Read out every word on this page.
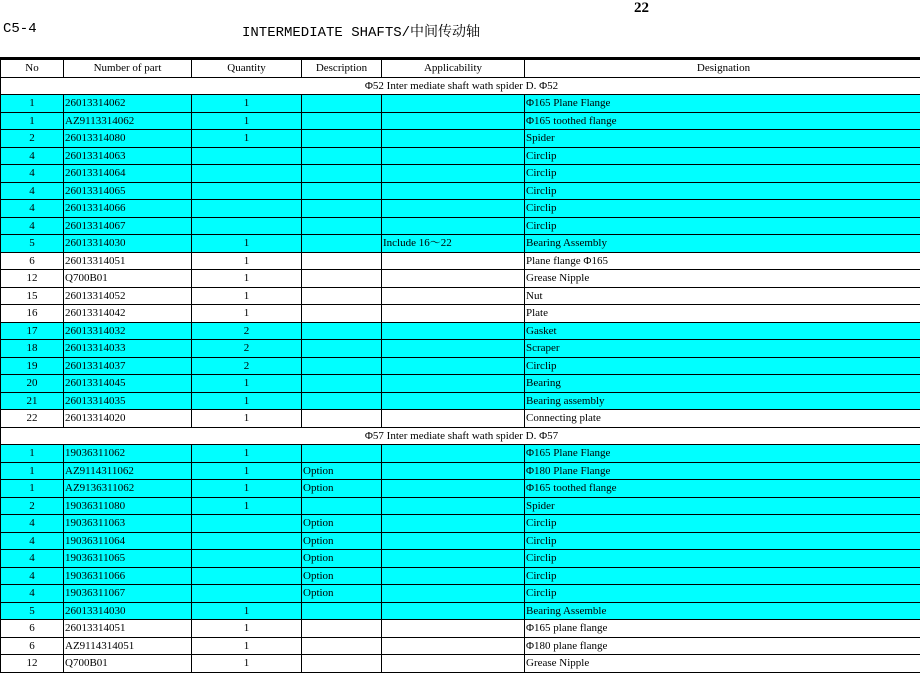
22
C5-4	INTERMEDIATE SHAFTS/中间传动轴
No	Number of part	Quantity	Description	Applicability	Designation
Φ52 Inter mediate shaft wath spider D. Φ52					
1	26013314062	1			Φ165 Plane Flange
1	AZ9113314062	1			Φ165 toothed flange
2	26013314080	1			Spider
4	26013314063				Circlip
4	26013314064				Circlip
4	26013314065				Circlip
4	26013314066				Circlip
4	26013314067				Circlip
5	26013314030	1		Include 16～22	Bearing Assembly
6	26013314051	1			Plane flange Φ165
12	Q700B01	1			Grease Nipple
15	26013314052	1			Nut
16	26013314042	1			Plate
17	26013314032	2			Gasket
18	26013314033	2			Scraper
19	26013314037	2			Circlip
20	26013314045	1			Bearing
21	26013314035	1			Bearing assembly
22	26013314020	1			Connecting plate
Φ57 Inter mediate shaft wath spider D. Φ57					
1	19036311062	1			Φ165 Plane Flange
1	AZ9114311062	1	Option		Φ180 Plane Flange
1	AZ9136311062	1	Option		Φ165 toothed flange
2	19036311080	1			Spider
4	19036311063		Option		Circlip
4	19036311064		Option		Circlip
4	19036311065		Option		Circlip
4	19036311066		Option		Circlip
4	19036311067		Option		Circlip
5	26013314030	1			Bearing Assemble
6	26013314051	1			Φ165 plane flange
6	AZ9114314051	1			Φ180 plane flange
12	Q700B01	1			Grease Nipple
